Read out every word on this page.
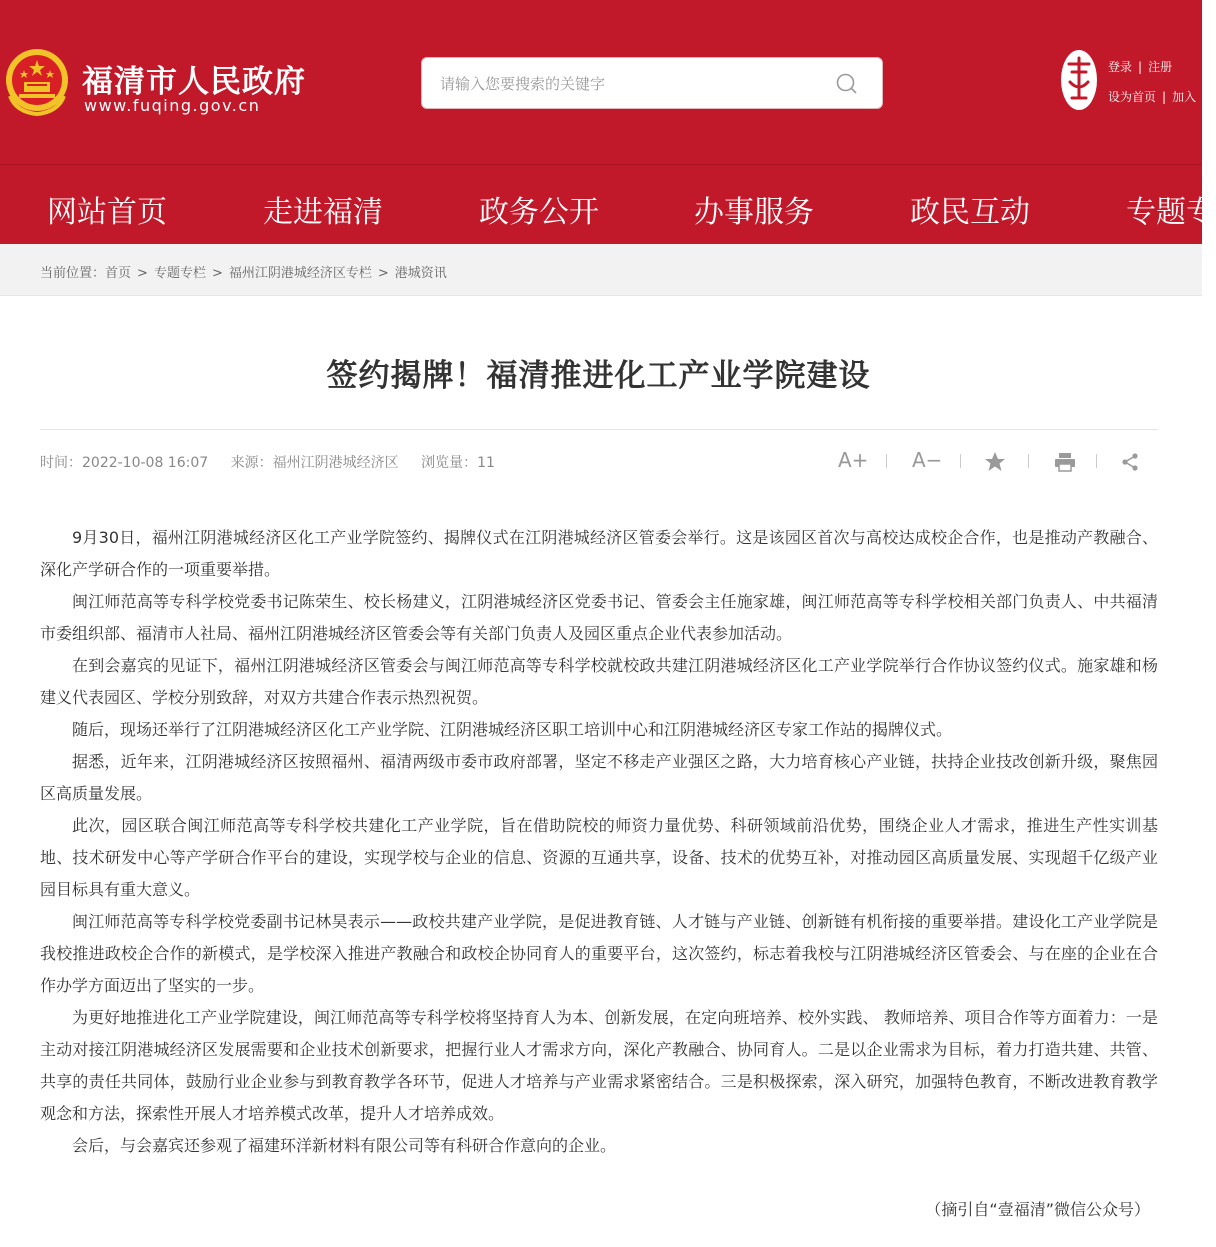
福清市人民政府
www.fuqing.gov.cn
请输入您要搜索的关键字
登录 | 注册
设为首页 | 加入
网站首页	走进福清	政务公开	办事服务	政民互动	专题专
当前位置：首页 > 专题专栏 > 福州江阴港城经济区专栏 > 港城资讯
签约揭牌！福清推进化工产业学院建设
时间：2022-10-08 16:07 来源：福州江阴港城经济区 浏览量：11	A+ A−

9月30日，福州江阴港城经济区化工产业学院签约、揭牌仪式在江阴港城经济区管委会举行。这是该园区首次与高校达成校企合作，也是推动产教融合、深化产学研合作的一项重要举措。

闽江师范高等专科学校党委书记陈荣生、校长杨建义，江阴港城经济区党委书记、管委会主任施家雄，闽江师范高等专科学校相关部门负责人、中共福清市委组织部、福清市人社局、福州江阴港城经济区管委会等有关部门负责人及园区重点企业代表参加活动。

在到会嘉宾的见证下，福州江阴港城经济区管委会与闽江师范高等专科学校就校政共建江阴港城经济区化工产业学院举行合作协议签约仪式。施家雄和杨建义代表园区、学校分别致辞，对双方共建合作表示热烈祝贺。

随后，现场还举行了江阴港城经济区化工产业学院、江阴港城经济区职工培训中心和江阴港城经济区专家工作站的揭牌仪式。

据悉，近年来，江阴港城经济区按照福州、福清两级市委市政府部署，坚定不移走产业强区之路，大力培育核心产业链，扶持企业技改创新升级，聚焦园区高质量发展。

此次，园区联合闽江师范高等专科学校共建化工产业学院，旨在借助院校的师资力量优势、科研领域前沿优势，围绕企业人才需求，推进生产性实训基地、技术研发中心等产学研合作平台的建设，实现学校与企业的信息、资源的互通共享，设备、技术的优势互补，对推动园区高质量发展、实现超千亿级产业园目标具有重大意义。

闽江师范高等专科学校党委副书记林昊表示——政校共建产业学院，是促进教育链、人才链与产业链、创新链有机衔接的重要举措。建设化工产业学院是我校推进政校企合作的新模式，是学校深入推进产教融合和政校企协同育人的重要平台，这次签约，标志着我校与江阴港城经济区管委会、与在座的企业在合作办学方面迈出了坚实的一步。

为更好地推进化工产业学院建设，闽江师范高等专科学校将坚持育人为本、创新发展，在定向班培养、校外实践、 教师培养、项目合作等方面着力：一是主动对接江阴港城经济区发展需要和企业技术创新要求，把握行业人才需求方向，深化产教融合、协同育人。二是以企业需求为目标，着力打造共建、共管、共享的责任共同体，鼓励行业企业参与到教育教学各环节，促进人才培养与产业需求紧密结合。三是积极探索，深入研究，加强特色教育，不断改进教育教学观念和方法，探索性开展人才培养模式改革，提升人才培养成效。

会后，与会嘉宾还参观了福建环洋新材料有限公司等有科研合作意向的企业。

（摘引自“壹福清”微信公众号）
